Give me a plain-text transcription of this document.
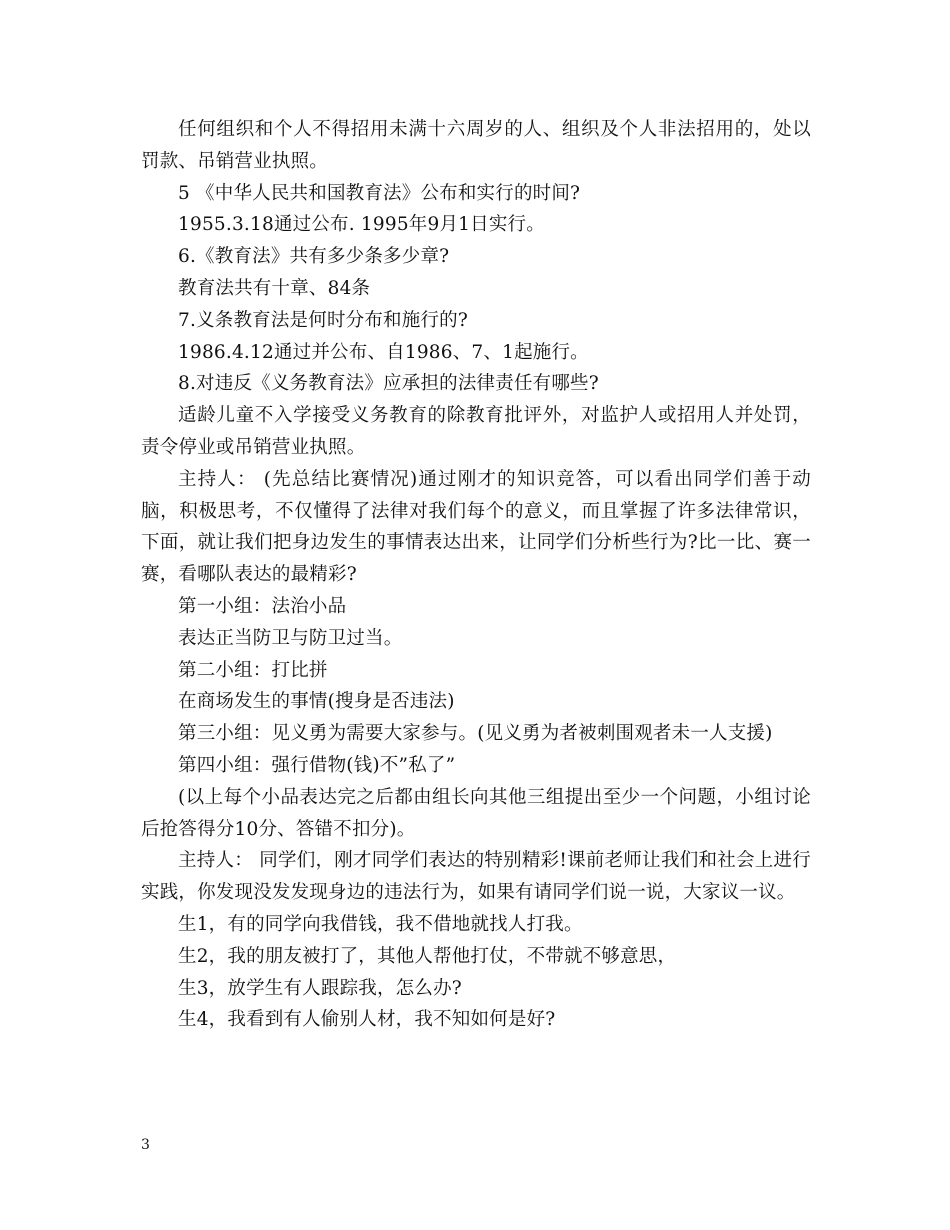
任何组织和个人不得招用未满十六周岁的人、组织及个人非法招用的，处以罚款、吊销营业执照。

5 《中华人民共和国教育法》公布和实行的时间?

1955.3.18通过公布. 1995年9月1日实行。

6.《教育法》共有多少条多少章?

教育法共有十章、84条

7.义条教育法是何时分布和施行的?

1986.4.12通过并公布、自1986、7、1起施行。

8.对违反《义务教育法》应承担的法律责任有哪些?

适龄儿童不入学接受义务教育的除教育批评外，对监护人或招用人并处罚，责令停业或吊销营业执照。

主持人： (先总结比赛情况)通过刚才的知识竞答，可以看出同学们善于动脑，积极思考，不仅懂得了法律对我们每个的意义，而且掌握了许多法律常识，下面，就让我们把身边发生的事情表达出来，让同学们分析些行为?比一比、赛一赛，看哪队表达的最精彩?

第一小组：法治小品

表达正当防卫与防卫过当。

第二小组：打比拼

在商场发生的事情(搜身是否违法)

第三小组：见义勇为需要大家参与。(见义勇为者被刺围观者未一人支援)

第四小组：强行借物(钱)不”私了”

(以上每个小品表达完之后都由组长向其他三组提出至少一个问题，小组讨论后抢答得分10分、答错不扣分)。

主持人： 同学们，刚才同学们表达的特别精彩!课前老师让我们和社会上进行实践，你发现没发发现身边的违法行为，如果有请同学们说一说，大家议一议。

生1，有的同学向我借钱，我不借地就找人打我。

生2，我的朋友被打了，其他人帮他打仗，不带就不够意思，

生3，放学生有人跟踪我，怎么办?

生4，我看到有人偷别人材，我不知如何是好?

3
